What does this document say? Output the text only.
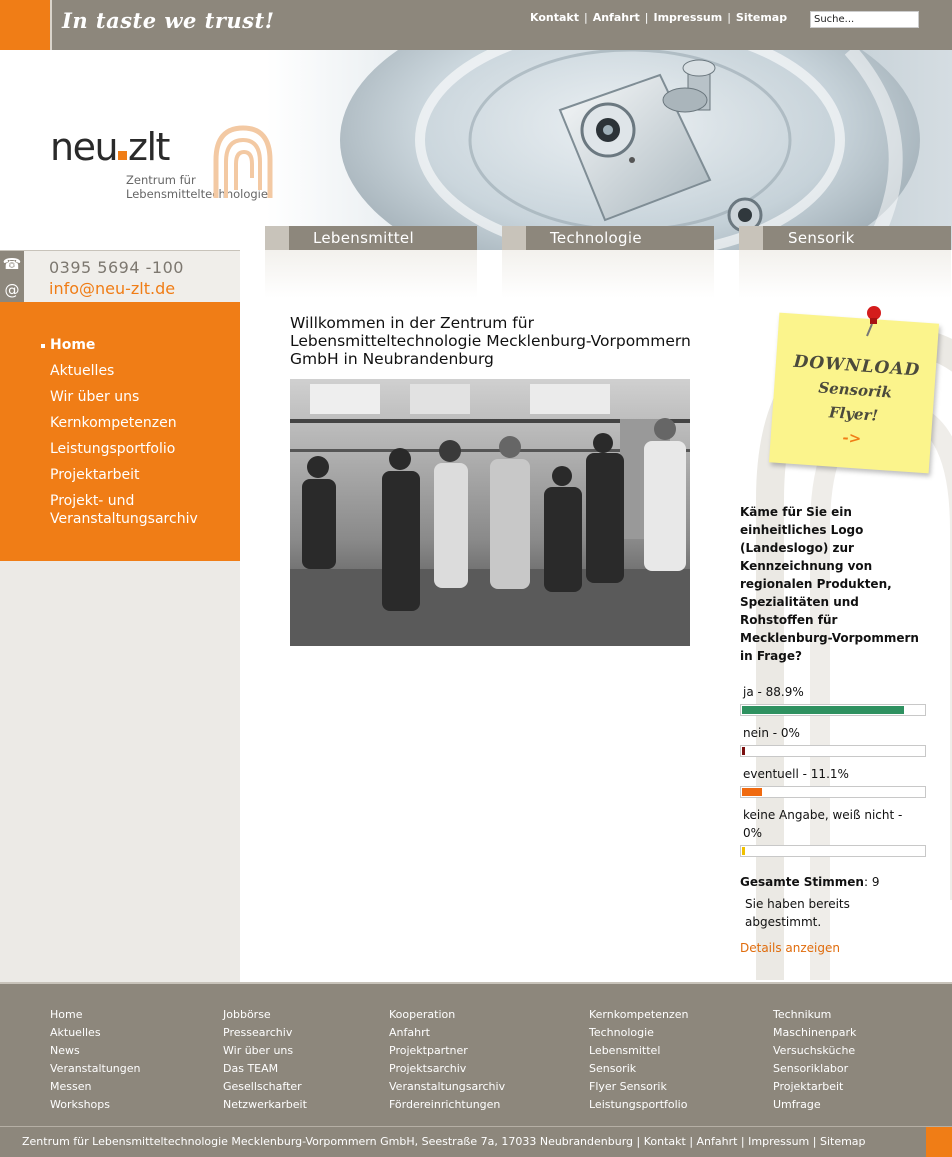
In taste we trust!	Kontakt | Anfahrt | Impressum | Sitemap
Suche...
neu zlt
Zentrum für
Lebensmitteltechnologie
Lebensmittel	Technologie	Sensorik
☎
@
0395 5694 -100
info@neu-zlt.de
Home
Aktuelles
Wir über uns
Kernkompetenzen
Leistungsportfolio
Projektarbeit
Projekt- und
Veranstaltungsarchiv
Willkommen in der Zentrum für
Lebensmitteltechnologie Mecklenburg-Vorpommern
GmbH in Neubrandenburg	DOWNLOAD
Sensorik
Flyer!
->
Käme für Sie ein
einheitliches Logo
(Landeslogo) zur
Kennzeichnung von
regionalen Produkten,
Spezialitäten und
Rohstoffen für
Mecklenburg-Vorpommern
in Frage?
ja - 88.9%
nein - 0%
eventuell - 11.1%
keine Angabe, weiß nicht -
0%
Gesamte Stimmen: 9
Sie haben bereits
abgestimmt.
Details anzeigen
Home
Aktuelles
News
Veranstaltungen
Messen
Workshops
Jobbörse
Pressearchiv
Wir über uns
Das TEAM
Gesellschafter
Netzwerkarbeit
Kooperation
Anfahrt
Projektpartner
Projektsarchiv
Veranstaltungsarchiv
Fördereinrichtungen
Kernkompetenzen
Technologie
Lebensmittel
Sensorik
Flyer Sensorik
Leistungsportfolio
Technikum
Maschinenpark
Versuchsküche
Sensoriklabor
Projektarbeit
Umfrage
Zentrum für Lebensmitteltechnologie Mecklenburg-Vorpommern GmbH, Seestraße 7a, 17033 Neubrandenburg | Kontakt | Anfahrt | Impressum | Sitemap
